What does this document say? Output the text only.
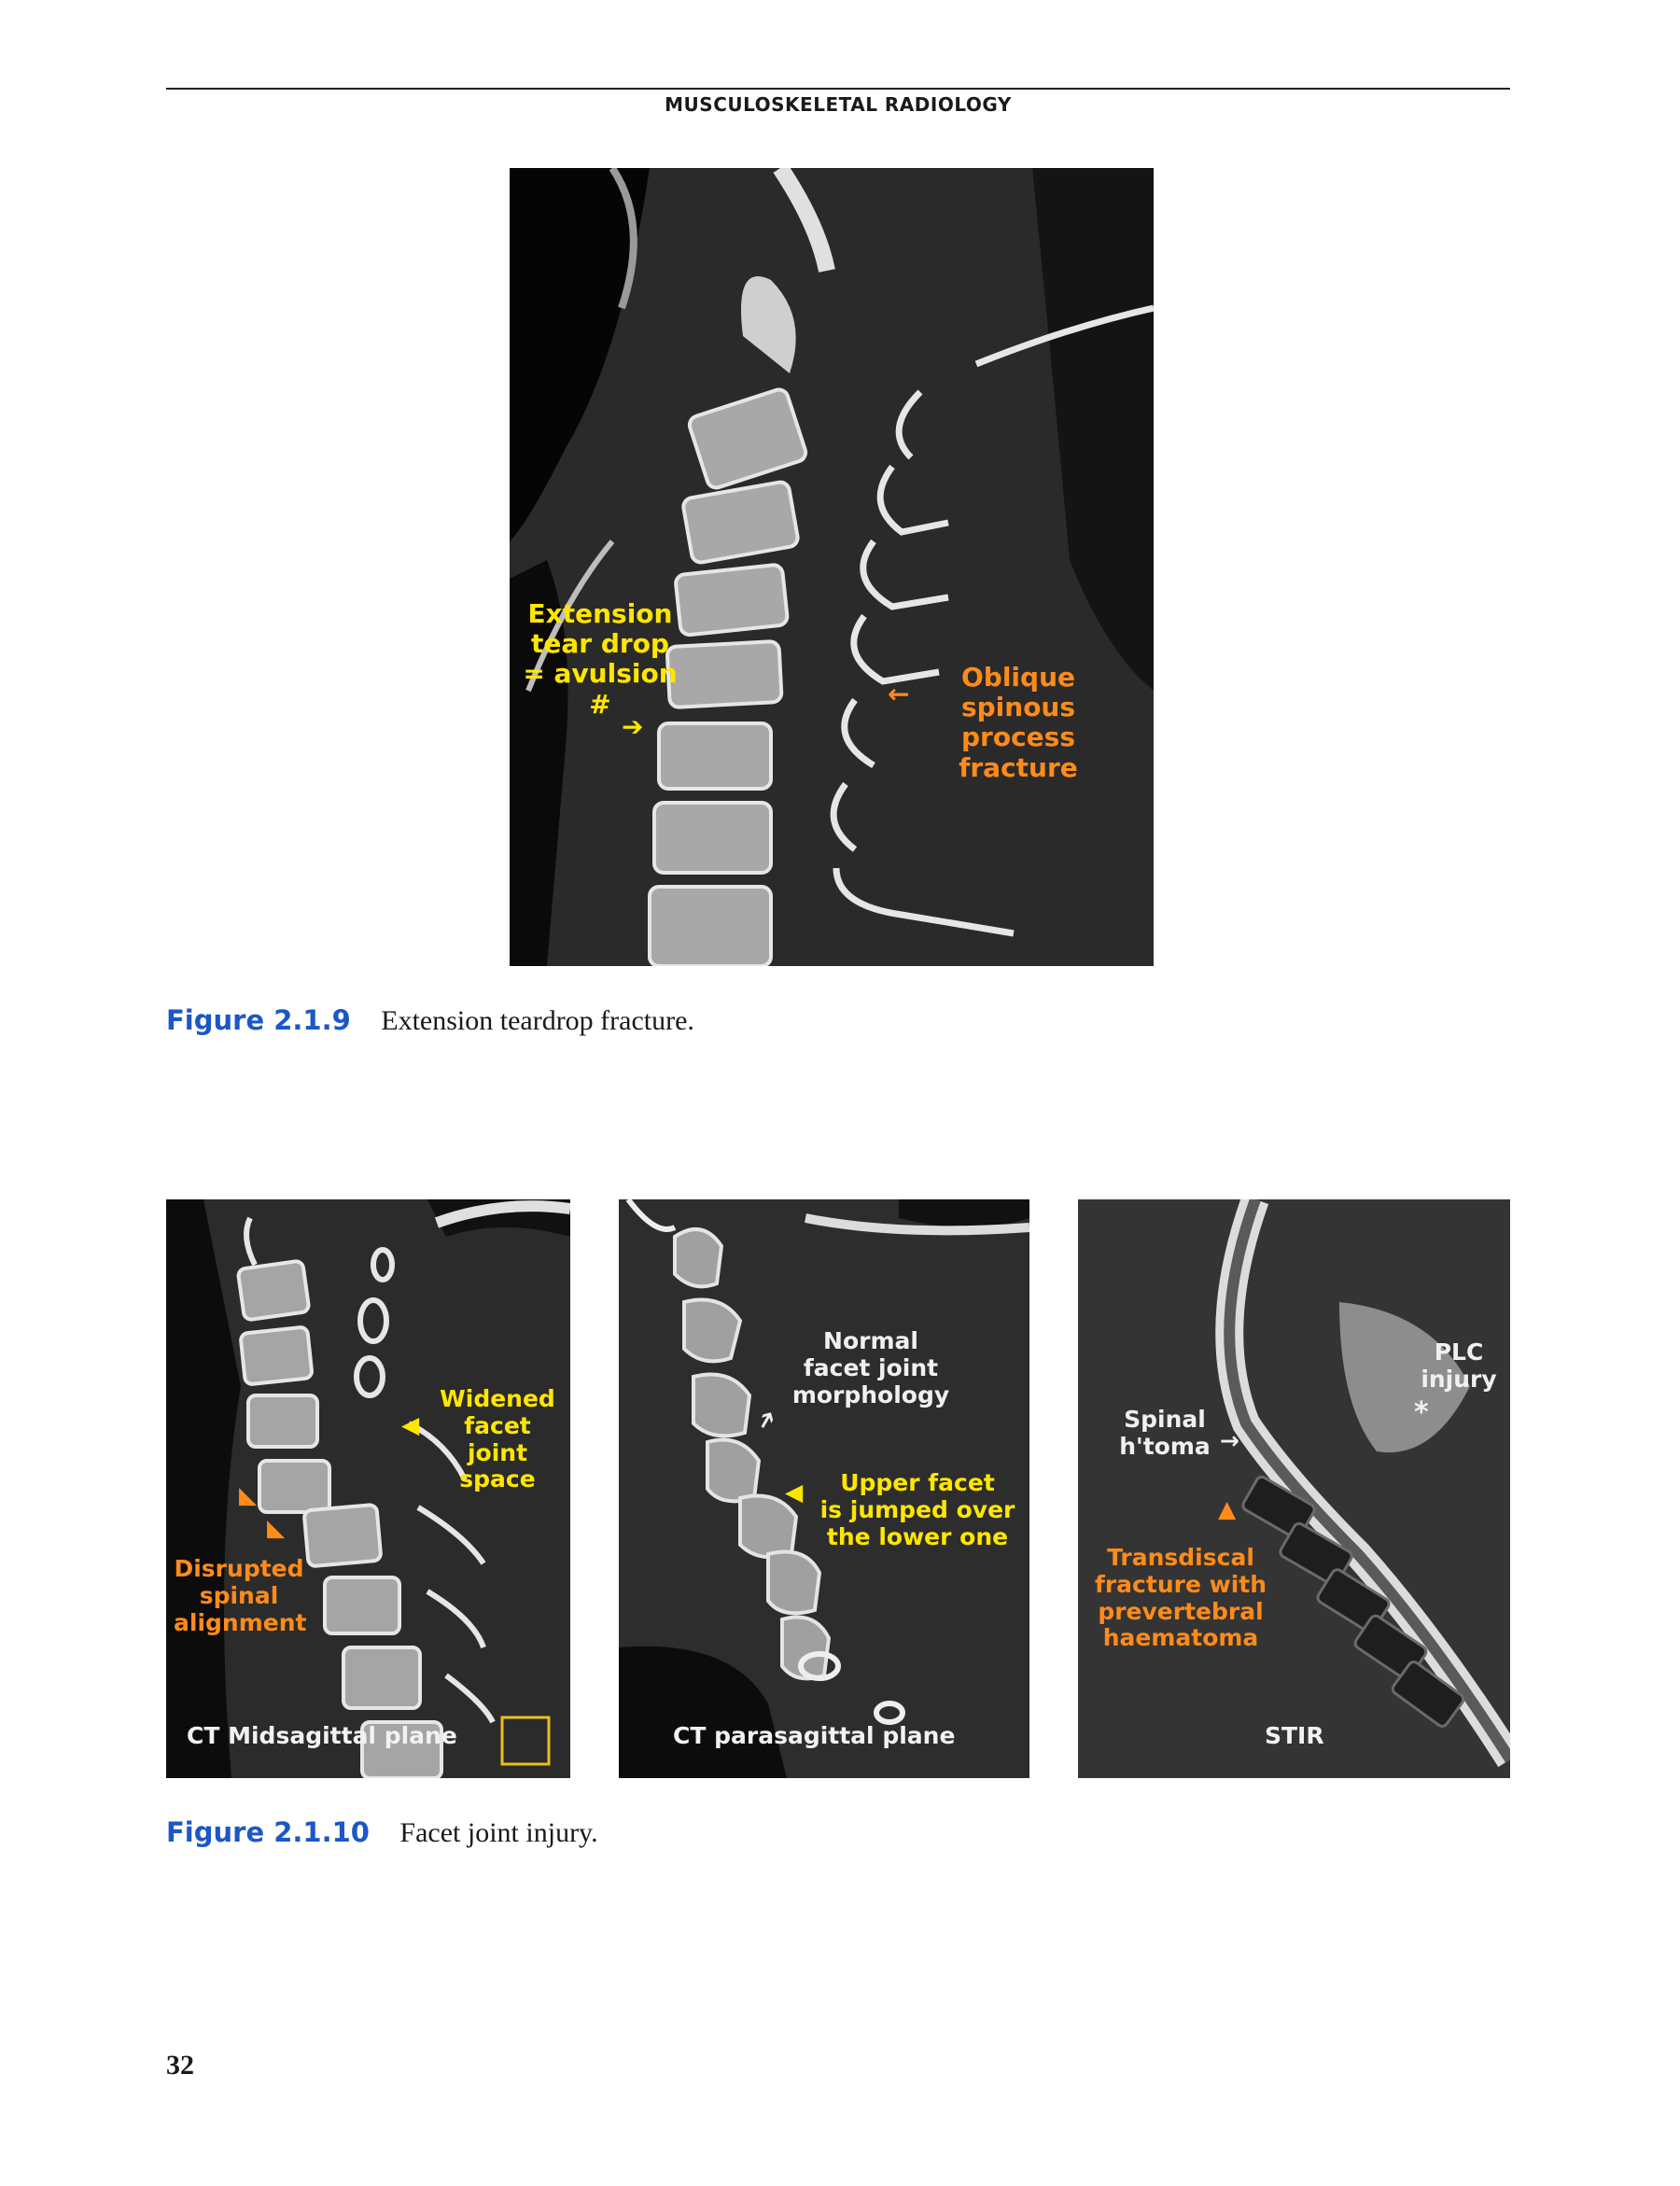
MUSCULOSKELETAL RADIOLOGY
Extension
tear drop
= avulsion #
➔
←
Oblique
spinous
process fracture
Figure 2.1.9 Extension teardrop fracture.
Widened
facet joint
space
◀
◣
◣
Disrupted
spinal
alignment
CT Midsagittal plane
Normal
facet joint
morphology
➔
◀	Upper facet
is jumped over
the lower one
CT parasagittal plane
PLC
injury
*
Spinal
h'toma →
▲
Transdiscal
fracture with
prevertebral
haematoma
STIR
Figure 2.1.10 Facet joint injury.
32
